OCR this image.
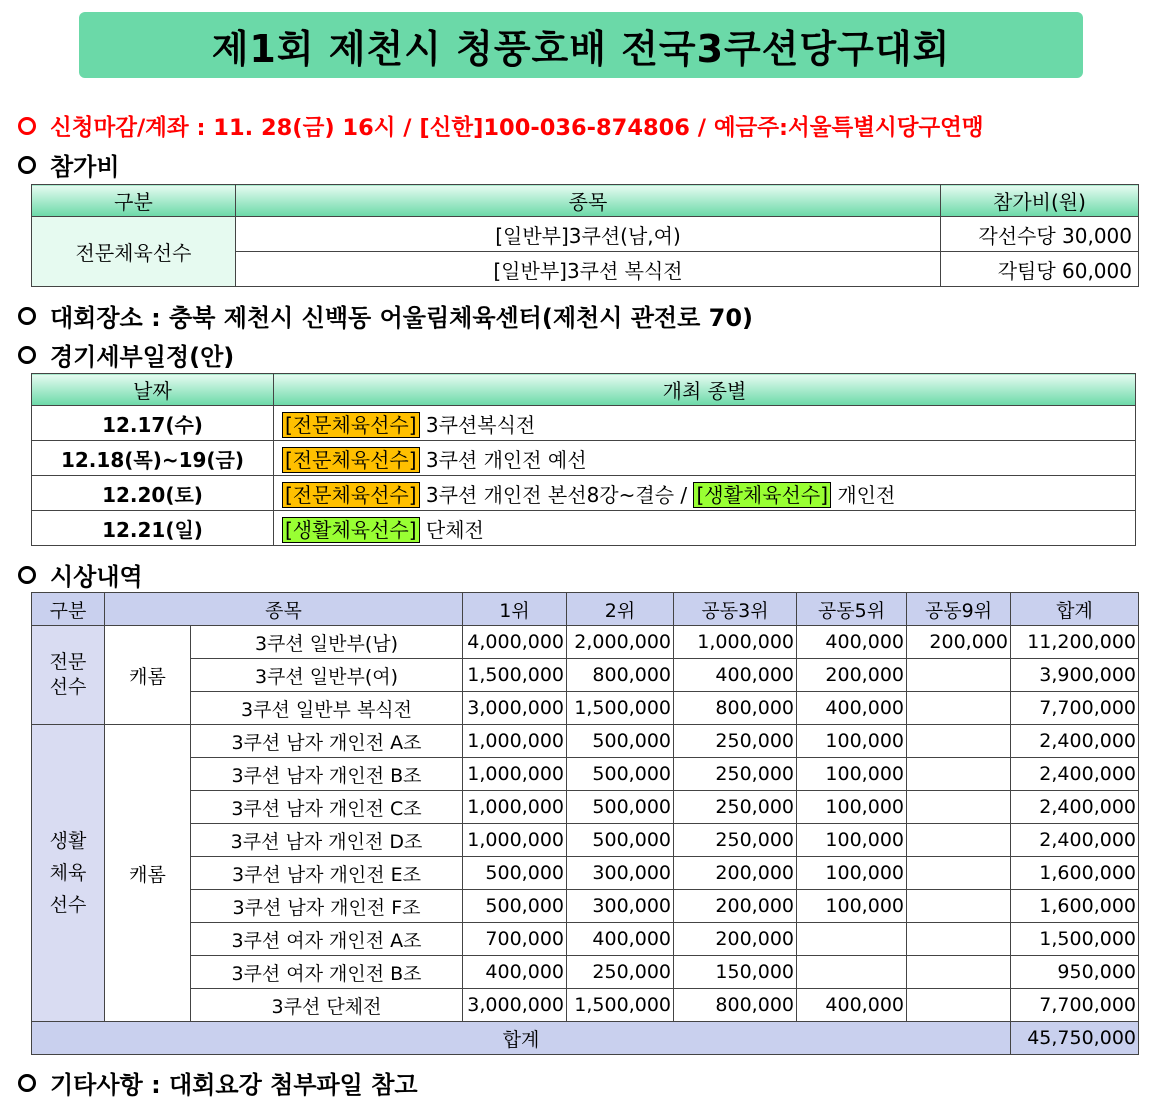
제1회 제천시 청풍호배 전국3쿠션당구대회
신청마감/계좌 : 11. 28(금) 16시 / [신한]100-036-874806 / 예금주:서울특별시당구연맹
참가비
구분	종목	참가비(원)
전문체육선수	[일반부]3쿠션(남,여)	각선수당 30,000
	[일반부]3쿠션 복식전	각팀당 60,000
대회장소 : 충북 제천시 신백동 어울림체육센터(제천시 관전로 70)
경기세부일정(안)
날짜	개최 종별
12.17(수)	[전문체육선수] 3쿠션복식전
12.18(목)~19(금)	[전문체육선수] 3쿠션 개인전 예선
12.20(토)	[전문체육선수] 3쿠션 개인전 본선8강~결승 / [생활체육선수] 개인전
12.21(일)	[생활체육선수] 단체전
시상내역
구분	종목		1위	2위	공동3위	공동5위	공동9위	합계
전문 선수	캐롬	3쿠션 일반부(남)	4,000,000	2,000,000	1,000,000	400,000	200,000	11,200,000
		3쿠션 일반부(여)	1,500,000	800,000	400,000	200,000		3,900,000
		3쿠션 일반부 복식전	3,000,000	1,500,000	800,000	400,000		7,700,000
생활 체육 선수	캐롬	3쿠션 남자 개인전 A조	1,000,000	500,000	250,000	100,000		2,400,000
		3쿠션 남자 개인전 B조	1,000,000	500,000	250,000	100,000		2,400,000
		3쿠션 남자 개인전 C조	1,000,000	500,000	250,000	100,000		2,400,000
		3쿠션 남자 개인전 D조	1,000,000	500,000	250,000	100,000		2,400,000
		3쿠션 남자 개인전 E조	500,000	300,000	200,000	100,000		1,600,000
		3쿠션 남자 개인전 F조	500,000	300,000	200,000	100,000		1,600,000
		3쿠션 여자 개인전 A조	700,000	400,000	200,000			1,500,000
		3쿠션 여자 개인전 B조	400,000	250,000	150,000			950,000
		3쿠션 단체전	3,000,000	1,500,000	800,000	400,000		7,700,000
합계								45,750,000
기타사항 : 대회요강 첨부파일 참고
